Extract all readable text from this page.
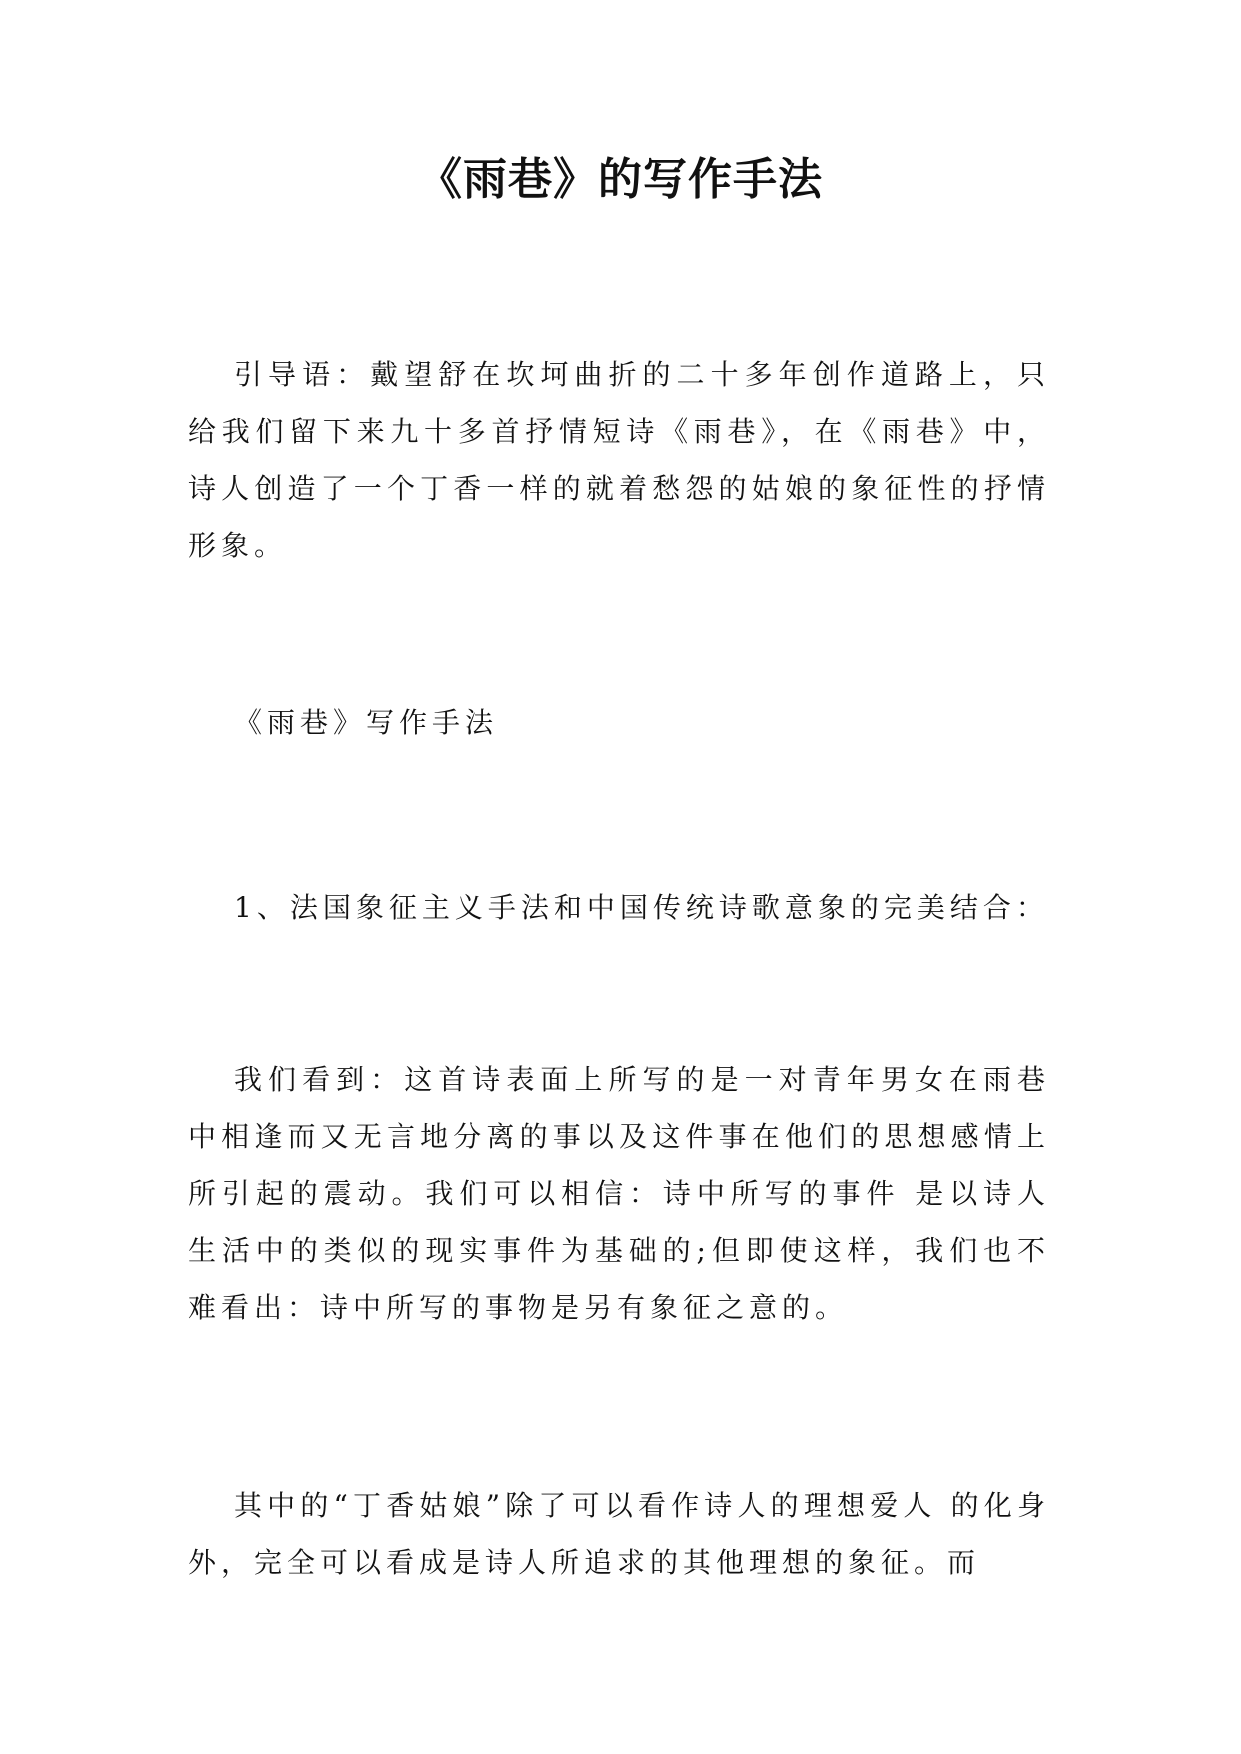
《雨巷》的写作手法

引导语：戴望舒在坎坷曲折的二十多年创作道路上，只给我们留下来九十多首抒情短诗《雨巷》，在《雨巷》中，诗人创造了一个丁香一样的就着愁怨的姑娘的象征性的抒情形象。

《雨巷》写作手法

1、法国象征主义手法和中国传统诗歌意象的完美结合：

我们看到：这首诗表面上所写的是一对青年男女在雨巷中相逢而又无言地分离的事以及这件事在他们的思想感情上所引起的震动。我们可以相信：诗中所写的事件 是以诗人生活中的类似的现实事件为基础的;但即使这样，我们也不难看出：诗中所写的事物是另有象征之意的。

其中的“丁香姑娘”除了可以看作诗人的理想爱人 的化身外，完全可以看成是诗人所追求的其他理想的象征。而
